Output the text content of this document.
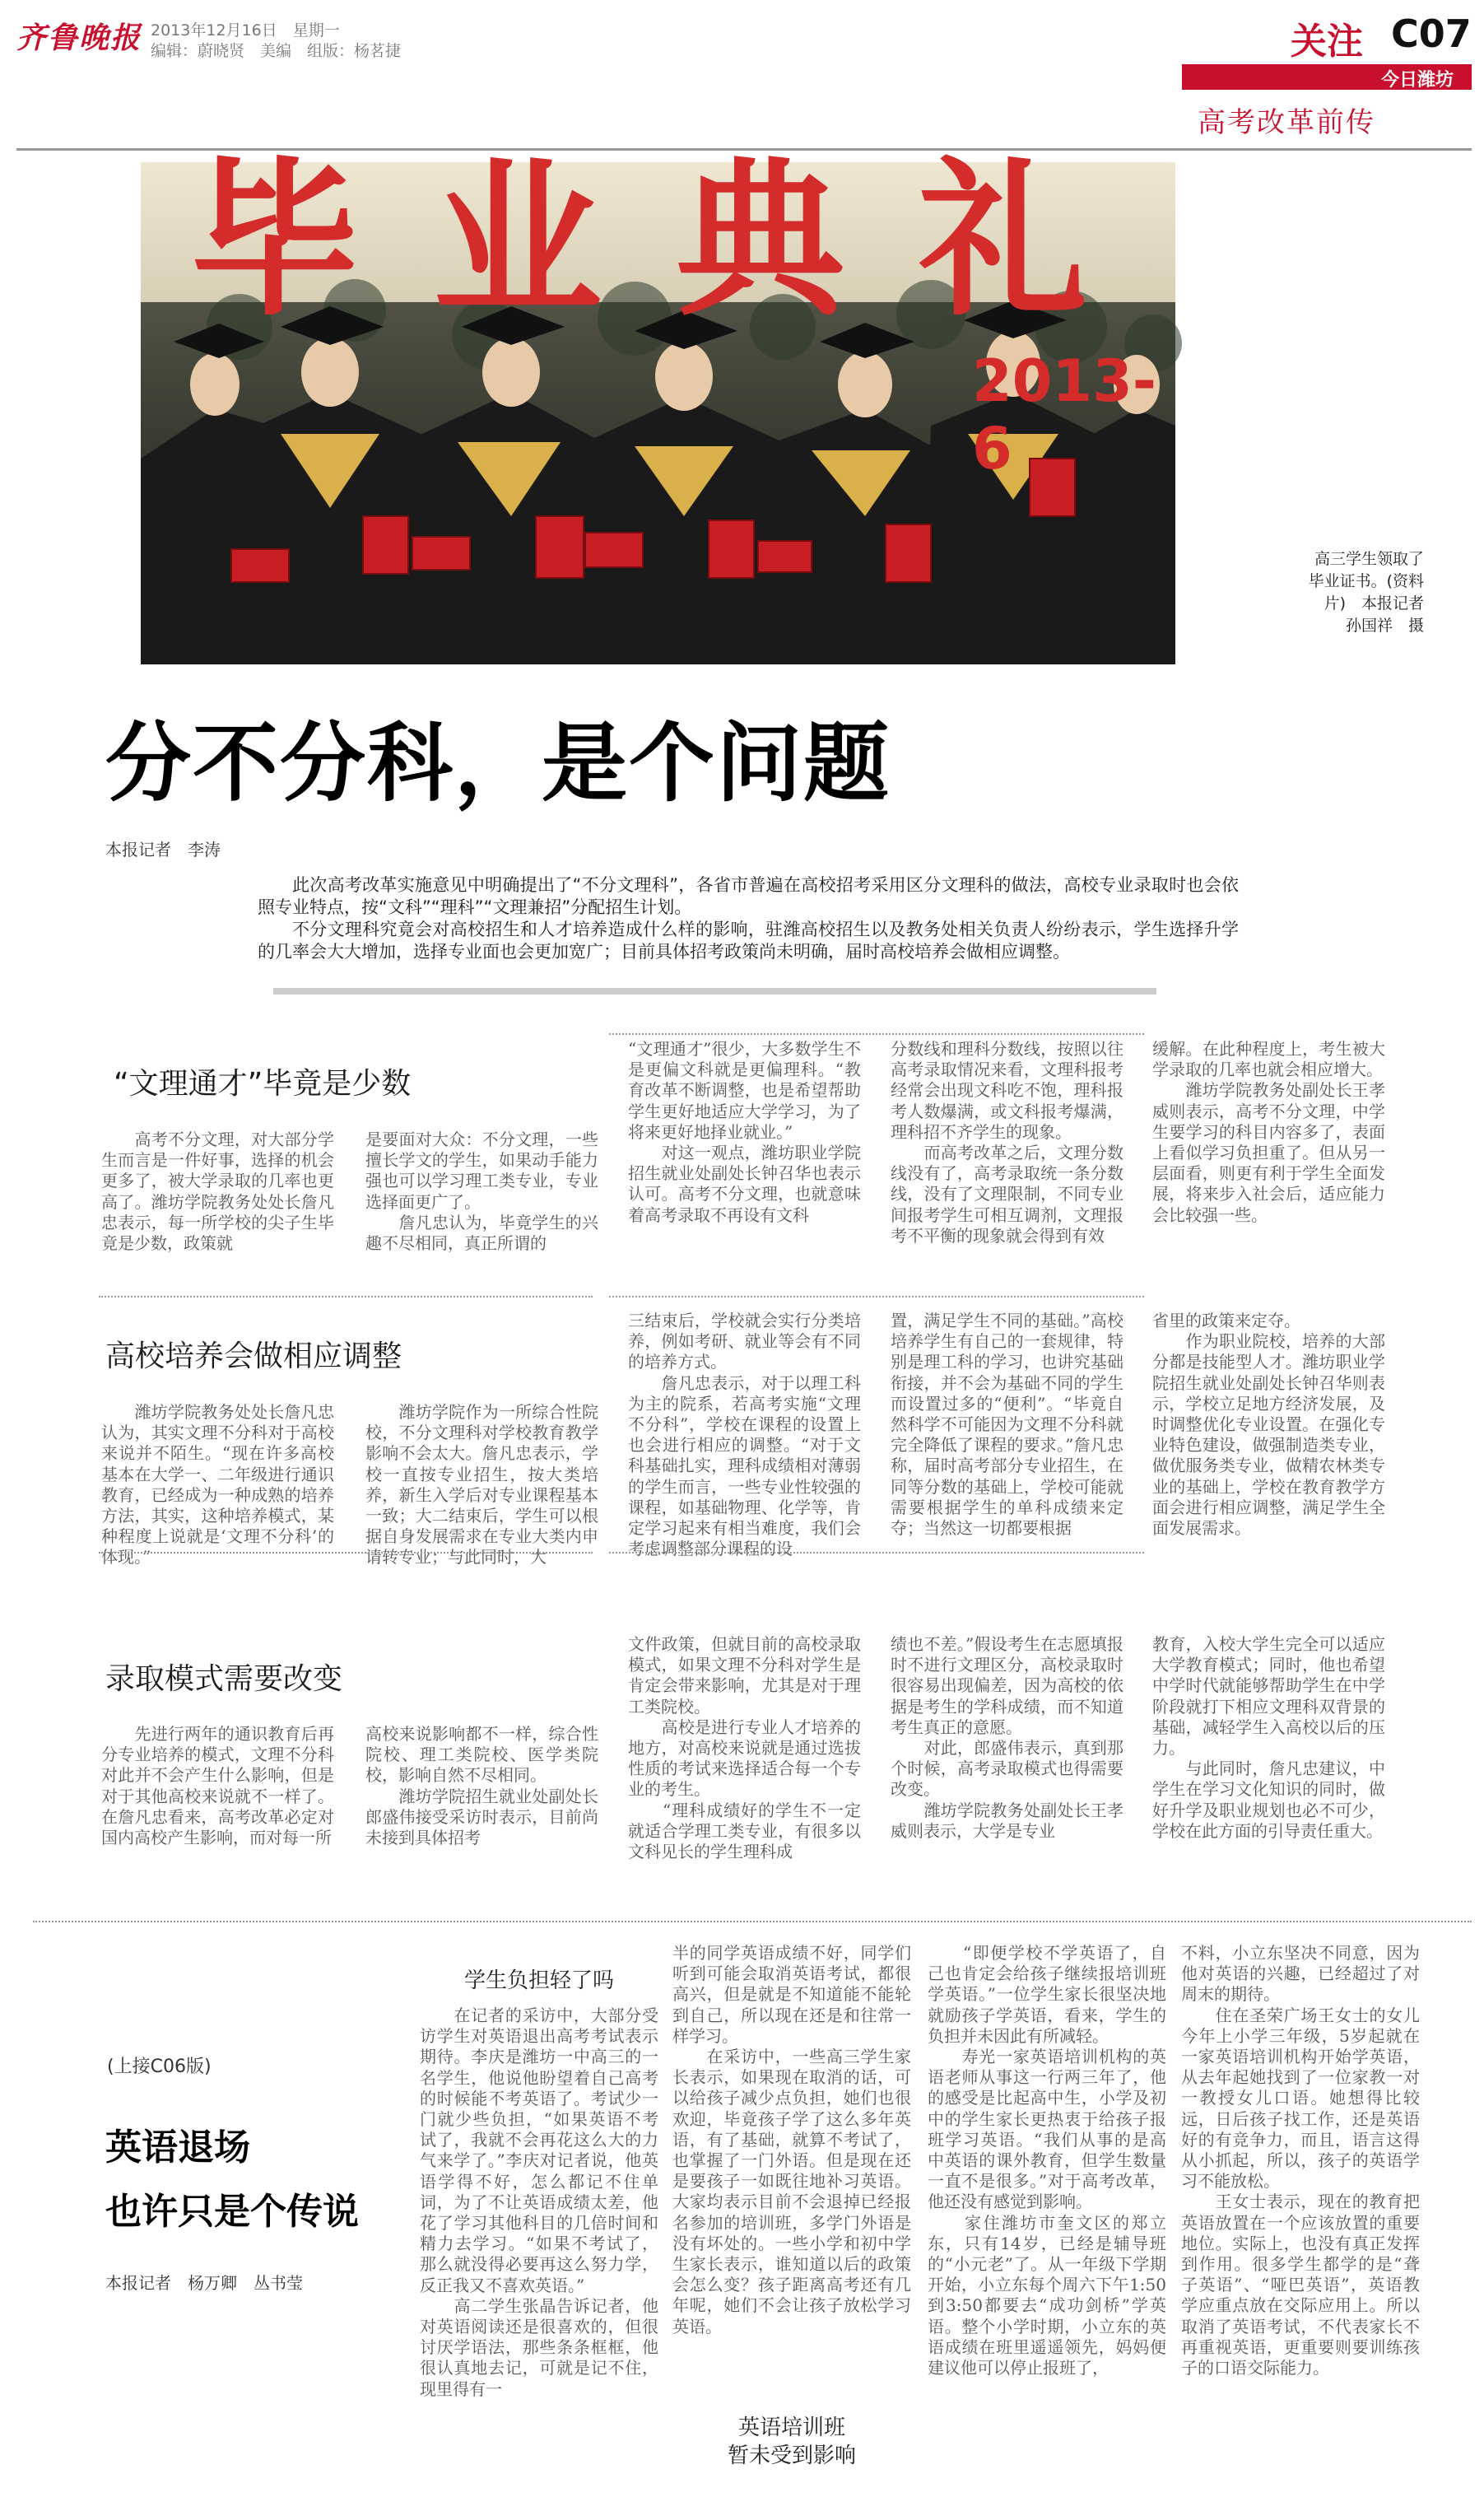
齐鲁晚报 2013年12月16日　星期一
编辑：蔚晓贤　美编　组版：杨茗捷	关注 C07
今日潍坊
高考改革前传
毕业典礼
2013-6
高三学生领取了毕业证书。(资料片)　本报记者　孙国祥　摄
分不分科，是个问题
本报记者　李涛

此次高考改革实施意见中明确提出了“不分文理科”，各省市普遍在高校招考采用区分文理科的做法，高校专业录取时也会依照专业特点，按“文科”“理科”“文理兼招”分配招生计划。

不分文理科究竟会对高校招生和人才培养造成什么样的影响，驻潍高校招生以及教务处相关负责人纷纷表示，学生选择升学的几率会大大增加，选择专业面也会更加宽广；目前具体招考政策尚未明确，届时高校培养会做相应调整。

“文理通才”毕竟是少数
　　高考不分文理，对大部分学生而言是一件好事，选择的机会更多了，被大学录取的几率也更高了。潍坊学院教务处处长詹凡忠表示，每一所学校的尖子生毕竟是少数，政策就
是要面对大众：不分文理，一些擅长学文的学生，如果动手能力强也可以学习理工类专业，专业选择面更广了。
　　詹凡忠认为，毕竟学生的兴趣不尽相同，真正所谓的
“文理通才”很少，大多数学生不是更偏文科就是更偏理科。“教育改革不断调整，也是希望帮助学生更好地适应大学学习，为了将来更好地择业就业。”
　　对这一观点，潍坊职业学院招生就业处副处长钟召华也表示认可。高考不分文理，也就意味着高考录取不再设有文科
分数线和理科分数线，按照以往高考录取情况来看，文理科报考经常会出现文科吃不饱，理科报考人数爆满，或文科报考爆满，理科招不齐学生的现象。
　　而高考改革之后，文理分数线没有了，高考录取统一条分数线，没有了文理限制，不同专业间报考学生可相互调剂，文理报考不平衡的现象就会得到有效
缓解。在此种程度上，考生被大学录取的几率也就会相应增大。
　　潍坊学院教务处副处长王孝威则表示，高考不分文理，中学生要学习的科目内容多了，表面上看似学习负担重了。但从另一层面看，则更有利于学生全面发展，将来步入社会后，适应能力会比较强一些。
高校培养会做相应调整
　　潍坊学院教务处处长詹凡忠认为，其实文理不分科对于高校来说并不陌生。“现在许多高校基本在大学一、二年级进行通识教育，已经成为一种成熟的培养方法，其实，这种培养模式，某种程度上说就是‘文理不分科’的体现。”
　　潍坊学院作为一所综合性院校，不分文理科对学校教育教学影响不会太大。詹凡忠表示，学校一直按专业招生，按大类培养，新生入学后对专业课程基本一致；大二结束后，学生可以根据自身发展需求在专业大类内申请转专业；与此同时，大
三结束后，学校就会实行分类培养，例如考研、就业等会有不同的培养方式。
　　詹凡忠表示，对于以理工科为主的院系，若高考实施“文理不分科”，学校在课程的设置上也会进行相应的调整。“对于文科基础扎实，理科成绩相对薄弱的学生而言，一些专业性较强的课程，如基础物理、化学等，肯定学习起来有相当难度，我们会考虑调整部分课程的设
置，满足学生不同的基础。”高校培养学生有自己的一套规律，特别是理工科的学习，也讲究基础衔接，并不会为基础不同的学生而设置过多的“便利”。“毕竟自然科学不可能因为文理不分科就完全降低了课程的要求。”詹凡忠称，届时高考部分专业招生，在同等分数的基础上，学校可能就需要根据学生的单科成绩来定夺；当然这一切都要根据
省里的政策来定夺。
　　作为职业院校，培养的大部分都是技能型人才。潍坊职业学院招生就业处副处长钟召华则表示，学校立足地方经济发展，及时调整优化专业设置。在强化专业特色建设，做强制造类专业，做优服务类专业，做精农林类专业的基础上，学校在教育教学方面会进行相应调整，满足学生全面发展需求。
录取模式需要改变
　　先进行两年的通识教育后再分专业培养的模式，文理不分科对此并不会产生什么影响，但是对于其他高校来说就不一样了。在詹凡忠看来，高考改革必定对国内高校产生影响，而对每一所
高校来说影响都不一样，综合性院校、理工类院校、医学类院校，影响自然不尽相同。
　　潍坊学院招生就业处副处长郎盛伟接受采访时表示，目前尚未接到具体招考
文件政策，但就目前的高校录取模式，如果文理不分科对学生是肯定会带来影响，尤其是对于理工类院校。
　　高校是进行专业人才培养的地方，对高校来说就是通过选拔性质的考试来选择适合每一个专业的考生。
　　“理科成绩好的学生不一定就适合学理工类专业，有很多以文科见长的学生理科成
绩也不差。”假设考生在志愿填报时不进行文理区分，高校录取时很容易出现偏差，因为高校的依据是考生的学科成绩，而不知道考生真正的意愿。
　　对此，郎盛伟表示，真到那个时候，高考录取模式也得需要改变。
　　潍坊学院教务处副处长王孝威则表示，大学是专业
教育，入校大学生完全可以适应大学教育模式；同时，他也希望中学时代就能够帮助学生在中学阶段就打下相应文理科双背景的基础，减轻学生入高校以后的压力。
　　与此同时，詹凡忠建议，中学生在学习文化知识的同时，做好升学及职业规划也必不可少，学校在此方面的引导责任重大。
(上接C06版)
英语退场
也许只是个传说
本报记者　杨万卿　丛书莹
学生负担轻了吗
　　在记者的采访中，大部分受访学生对英语退出高考考试表示期待。李庆是潍坊一中高三的一名学生，他说他盼望着自己高考的时候能不考英语了。考试少一门就少些负担，“如果英语不考试了，我就不会再花这么大的力气来学了。”李庆对记者说，他英语学得不好，怎么都记不住单词，为了不让英语成绩太差，他花了学习其他科目的几倍时间和精力去学习。“如果不考试了，那么就没得必要再这么努力学，反正我又不喜欢英语。”
　　高二学生张晶告诉记者，他对英语阅读还是很喜欢的，但很讨厌学语法，那些条条框框，他很认真地去记，可就是记不住，现里得有一
半的同学英语成绩不好，同学们听到可能会取消英语考试，都很高兴，但是就是不知道能不能轮到自己，所以现在还是和往常一样学习。
　　在采访中，一些高三学生家长表示，如果现在取消的话，可以给孩子减少点负担，她们也很欢迎，毕竟孩子学了这么多年英语，有了基础，就算不考试了，也掌握了一门外语。但是现在还是要孩子一如既往地补习英语。大家均表示目前不会退掉已经报名参加的培训班，多学门外语是没有坏处的。一些小学和初中学生家长表示，谁知道以后的政策会怎么变？孩子距离高考还有几年呢，她们不会让孩子放松学习英语。
英语培训班
暂未受到影响
　　“即便学校不学英语了，自己也肯定会给孩子继续报培训班学英语。”一位学生家长很坚决地就励孩子学英语，看来，学生的负担并未因此有所减轻。
　　寿光一家英语培训机构的英语老师从事这一行两三年了，他的感受是比起高中生，小学及初中的学生家长更热衷于给孩子报班学习英语。“我们从事的是高中英语的课外教育，但学生数量一直不是很多。”对于高考改革，他还没有感觉到影响。
　　家住潍坊市奎文区的郑立东，只有14岁，已经是辅导班的“小元老”了。从一年级下学期开始，小立东每个周六下午1:50到3:50都要去“成功剑桥”学英语。整个小学时期，小立东的英语成绩在班里遥遥领先，妈妈便建议他可以停止报班了，
不料，小立东坚决不同意，因为他对英语的兴趣，已经超过了对周末的期待。
　　住在圣荣广场王女士的女儿今年上小学三年级，5岁起就在一家英语培训机构开始学英语，从去年起她找到了一位家教一对一教授女儿口语。她想得比较远，日后孩子找工作，还是英语好的有竞争力，而且，语言这得从小抓起，所以，孩子的英语学习不能放松。
　　王女士表示，现在的教育把英语放置在一个应该放置的重要地位。实际上，也没有真正发挥到作用。很多学生都学的是“聋子英语”、“哑巴英语”，英语教学应重点放在交际应用上。所以取消了英语考试，不代表家长不再重视英语，更重要则要训练孩子的口语交际能力。
